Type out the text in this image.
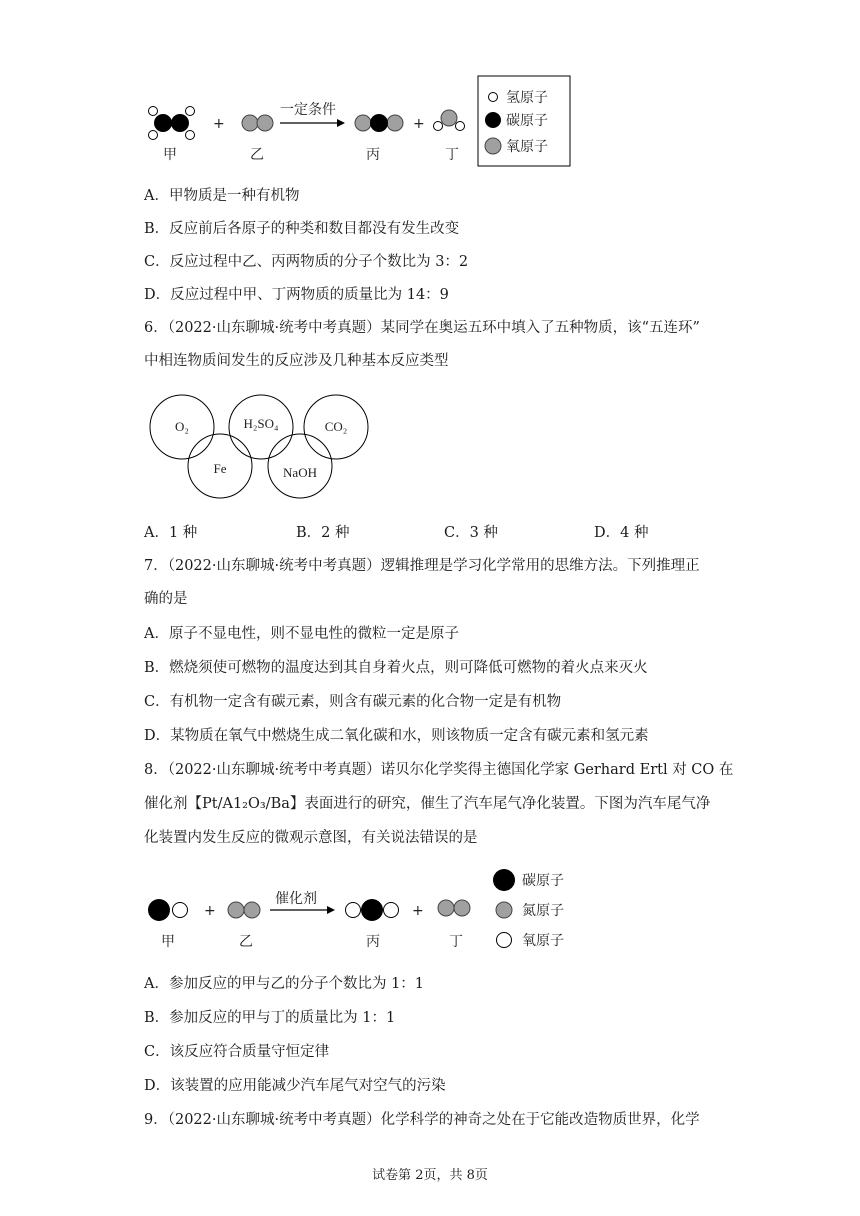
甲
+
乙
一定条件
丙
+
丁
氢原子
碳原子
氧原子
A．甲物质是一种有机物
B．反应前后各原子的种类和数目都没有发生改变
C．反应过程中乙、丙两物质的分子个数比为 3：2
D．反应过程中甲、丁两物质的质量比为 14：9
6．（2022·山东聊城·统考中考真题）某同学在奥运五环中填入了五种物质，该“五连环”
中相连物质间发生的反应涉及几种基本反应类型
O₂	H₂SO₄	CO₂
Fe	NaOH
A．1 种	B．2 种	C．3 种	D．4 种
7．（2022·山东聊城·统考中考真题）逻辑推理是学习化学常用的思维方法。下列推理正
确的是
A．原子不显电性，则不显电性的微粒一定是原子
B．燃烧须使可燃物的温度达到其自身着火点，则可降低可燃物的着火点来灭火
C．有机物一定含有碳元素，则含有碳元素的化合物一定是有机物
D．某物质在氧气中燃烧生成二氧化碳和水，则该物质一定含有碳元素和氢元素
8．（2022·山东聊城·统考中考真题）诺贝尔化学奖得主德国化学家 Gerhard Ertl 对 CO 在
催化剂【Pt/A1₂O₃/Ba】表面进行的研究，催生了汽车尾气净化装置。下图为汽车尾气净
化装置内发生反应的微观示意图，有关说法错误的是
甲
+
乙
催化剂
丙
+
丁
碳原子
氮原子
氧原子
A．参加反应的甲与乙的分子个数比为 1：1
B．参加反应的甲与丁的质量比为 1：1
C．该反应符合质量守恒定律
D．该装置的应用能减少汽车尾气对空气的污染
9．（2022·山东聊城·统考中考真题）化学科学的神奇之处在于它能改造物质世界，化学
试卷第 2页，共 8页
